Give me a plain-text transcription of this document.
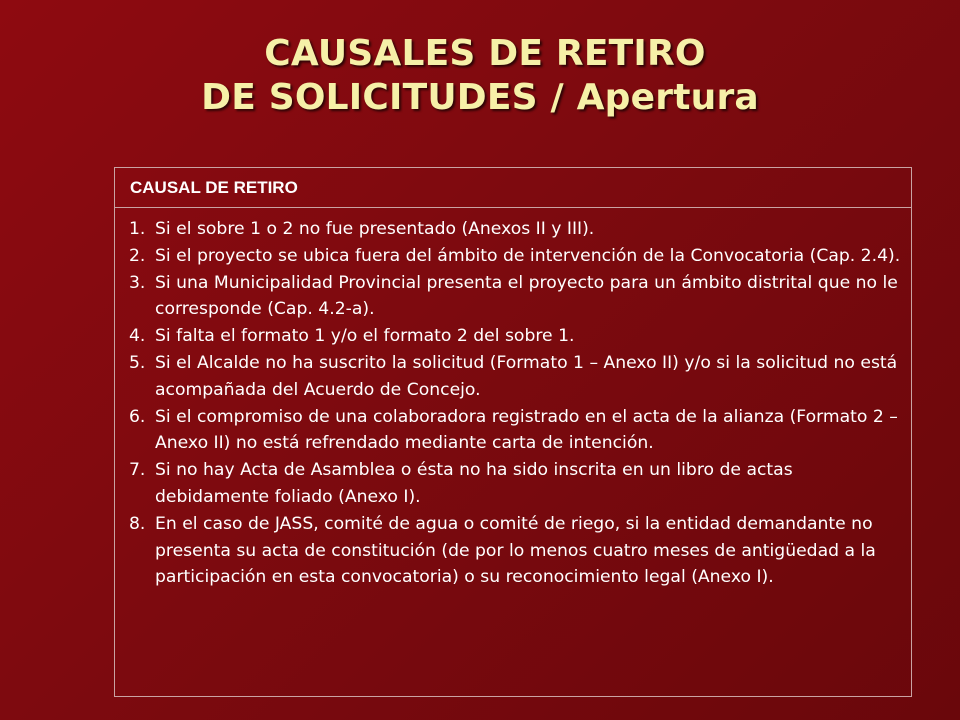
CAUSALES DE RETIRO
DE SOLICITUDES / Apertura
CAUSAL DE RETIRO
1. Si el sobre 1 o 2 no fue presentado (Anexos II y III).
2. Si el proyecto se ubica fuera del ámbito de intervención de la Convocatoria (Cap. 2.4).
3. Si una Municipalidad Provincial presenta el proyecto para un ámbito distrital que no le corresponde (Cap. 4.2-a).
4. Si falta el formato 1 y/o el formato 2 del sobre 1.
5. Si el Alcalde no ha suscrito la solicitud (Formato 1 – Anexo II) y/o si la solicitud no está acompañada del Acuerdo de Concejo.
6. Si el compromiso de una colaboradora registrado en el acta de la alianza (Formato 2 – Anexo II) no está refrendado mediante carta de intención.
7. Si no hay Acta de Asamblea o ésta no ha sido inscrita en un libro de actas debidamente foliado (Anexo I).
8. En el caso de JASS, comité de agua o comité de riego, si la entidad demandante no presenta su acta de constitución (de por lo menos cuatro meses de antigüedad a la participación en esta convocatoria) o su reconocimiento legal (Anexo I).
